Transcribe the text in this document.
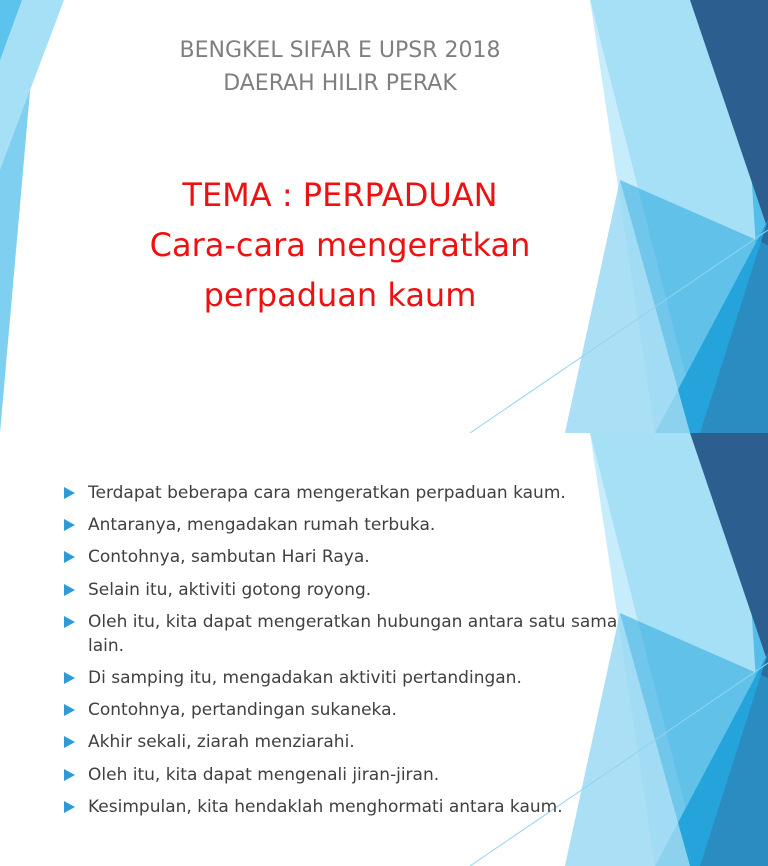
BENGKEL SIFAR E UPSR 2018
DAERAH HILIR PERAK
TEMA : PERPADUAN
Cara-cara mengeratkan
perpaduan kaum
Terdapat beberapa cara mengeratkan perpaduan kaum.
Antaranya, mengadakan rumah terbuka.
Contohnya, sambutan Hari Raya.
Selain itu, aktiviti gotong royong.
Oleh itu, kita dapat mengeratkan hubungan antara satu sama lain.
Di samping itu, mengadakan aktiviti pertandingan.
Contohnya, pertandingan sukaneka.
Akhir sekali, ziarah menziarahi.
Oleh itu, kita dapat mengenali jiran-jiran.
Kesimpulan, kita hendaklah menghormati antara kaum.
